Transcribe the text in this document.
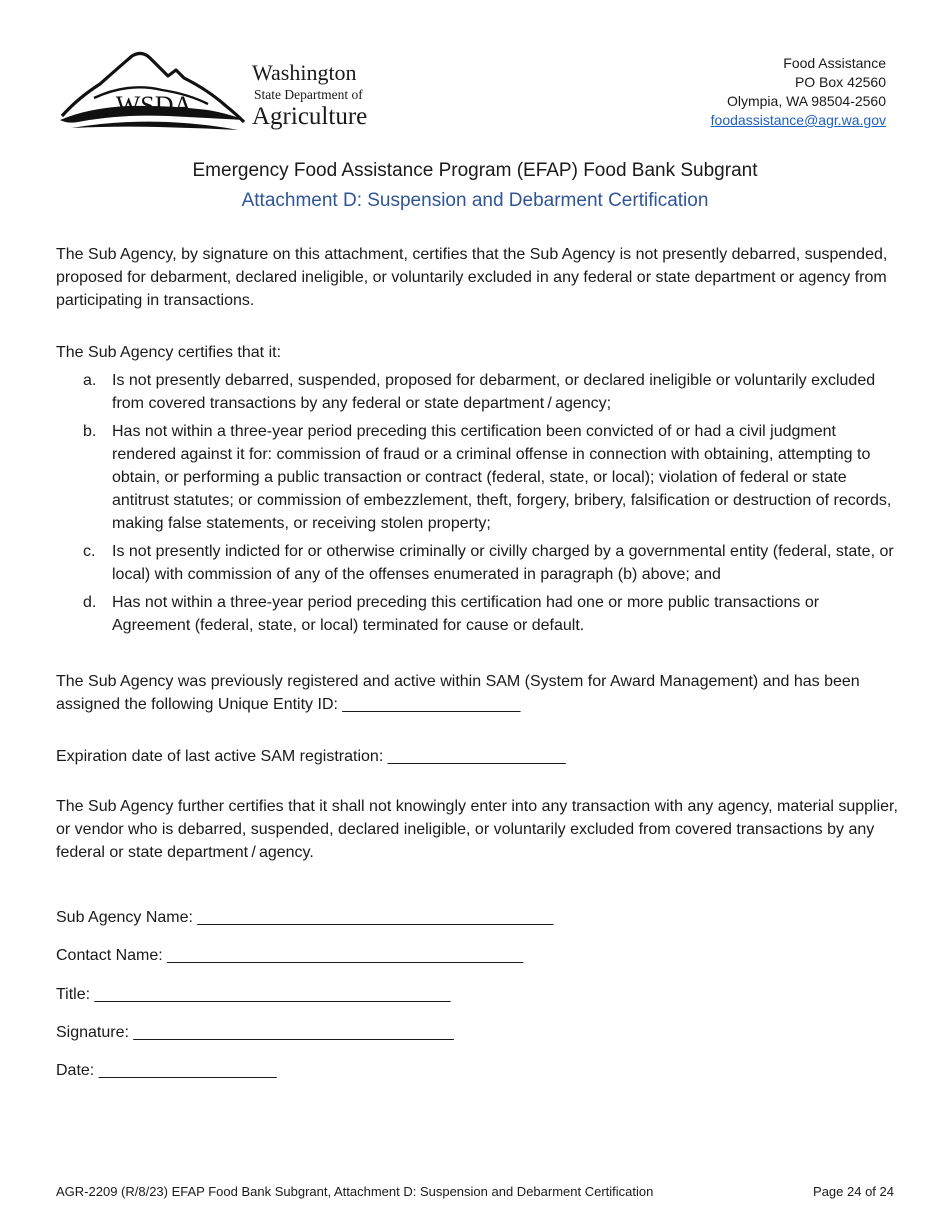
WSDA
Washington
State Department of
Agriculture
Food Assistance
PO Box 42560
Olympia, WA 98504-2560
foodassistance@agr.wa.gov
Emergency Food Assistance Program (EFAP) Food Bank Subgrant
Attachment D: Suspension and Debarment Certification
The Sub Agency, by signature on this attachment, certifies that the Sub Agency is not presently debarred, suspended, proposed for debarment, declared ineligible, or voluntarily excluded in any federal or state department or agency from participating in transactions.
The Sub Agency certifies that it:
a. Is not presently debarred, suspended, proposed for debarment, or declared ineligible or voluntarily excluded from covered transactions by any federal or state department / agency;
b. Has not within a three-year period preceding this certification been convicted of or had a civil judgment rendered against it for: commission of fraud or a criminal offense in connection with obtaining, attempting to obtain, or performing a public transaction or contract (federal, state, or local); violation of federal or state antitrust statutes; or commission of embezzlement, theft, forgery, bribery, falsification or destruction of records, making false statements, or receiving stolen property;
c. Is not presently indicted for or otherwise criminally or civilly charged by a governmental entity (federal, state, or local) with commission of any of the offenses enumerated in paragraph (b) above; and
d. Has not within a three-year period preceding this certification had one or more public transactions or Agreement (federal, state, or local) terminated for cause or default.
The Sub Agency was previously registered and active within SAM (System for Award Management) and has been assigned the following Unique Entity ID: ____________________
Expiration date of last active SAM registration: ____________________
The Sub Agency further certifies that it shall not knowingly enter into any transaction with any agency, material supplier, or vendor who is debarred, suspended, declared ineligible, or voluntarily excluded from covered transactions by any federal or state department / agency.
Sub Agency Name: ________________________________________
Contact Name: ________________________________________
Title: ________________________________________
Signature: ____________________________________
Date: ____________________
AGR-2209 (R/8/23) EFAP Food Bank Subgrant, Attachment D: Suspension and Debarment Certification	Page 24 of 24
